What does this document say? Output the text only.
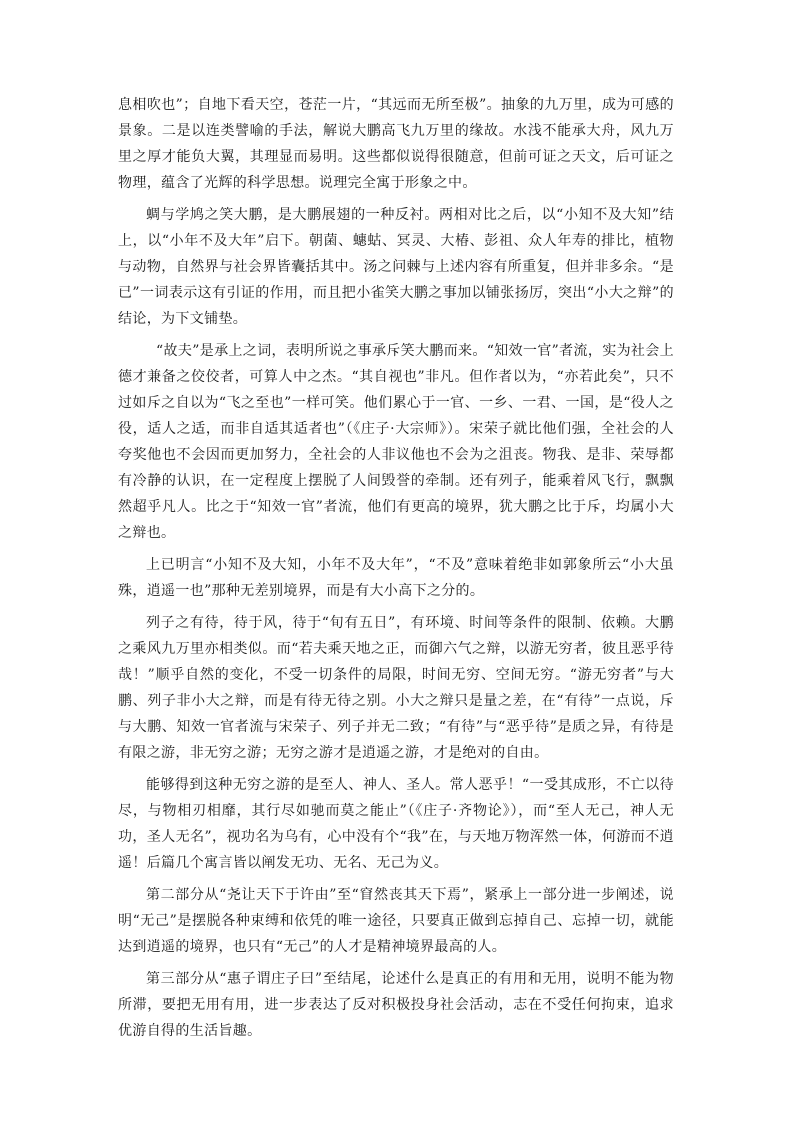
息相吹也”；自地下看天空，苍茫一片，“其远而无所至极”。抽象的九万里，成为可感的景象。二是以连类譬喻的手法，解说大鹏高飞九万里的缘故。水浅不能承大舟，风九万里之厚才能负大翼，其理显而易明。这些都似说得很随意，但前可证之天文，后可证之物理，蕴含了光辉的科学思想。说理完全寓于形象之中。

蜩与学鸠之笑大鹏，是大鹏展翅的一种反衬。两相对比之后，以“小知不及大知”结上，以“小年不及大年”启下。朝菌、蟪蛄、冥灵、大椿、彭祖、众人年寿的排比，植物与动物，自然界与社会界皆囊括其中。汤之问棘与上述内容有所重复，但并非多余。“是已”一词表示这有引证的作用，而且把小雀笑大鹏之事加以铺张扬厉，突出“小大之辩”的结论，为下文铺垫。

“故夫”是承上之词，表明所说之事承斥笑大鹏而来。“知效一官”者流，实为社会上德才兼备之佼佼者，可算人中之杰。“其自视也”非凡。但作者以为，“亦若此矣”，只不过如斥之自以为“飞之至也”一样可笑。他们累心于一官、一乡、一君、一国，是“役人之役，适人之适，而非自适其适者也”（《庄子·大宗师》）。宋荣子就比他们强，全社会的人夸奖他也不会因而更加努力，全社会的人非议他也不会为之沮丧。物我、是非、荣辱都有冷静的认识，在一定程度上摆脱了人间毁誉的牵制。还有列子，能乘着风飞行，飘飘然超乎凡人。比之于“知效一官”者流，他们有更高的境界，犹大鹏之比于斥，均属小大之辩也。

上已明言“小知不及大知，小年不及大年”，“不及”意味着绝非如郭象所云“小大虽殊，逍遥一也”那种无差别境界，而是有大小高下之分的。

列子之有待，待于风，待于“旬有五日”，有环境、时间等条件的限制、依赖。大鹏之乘风九万里亦相类似。而“若夫乘天地之正，而御六气之辩，以游无穷者，彼且恶乎待哉！”顺乎自然的变化，不受一切条件的局限，时间无穷、空间无穷。“游无穷者”与大鹏、列子非小大之辩，而是有待无待之别。小大之辩只是量之差，在“有待”一点说，斥与大鹏、知效一官者流与宋荣子、列子并无二致；“有待”与“恶乎待”是质之异，有待是有限之游，非无穷之游；无穷之游才是逍遥之游，才是绝对的自由。

能够得到这种无穷之游的是至人、神人、圣人。常人恶乎！“一受其成形，不亡以待尽，与物相刃相靡，其行尽如驰而莫之能止”（《庄子·齐物论》），而“至人无己，神人无功，圣人无名”，视功名为乌有，心中没有个“我”在，与天地万物浑然一体，何游而不逍遥！后篇几个寓言皆以阐发无功、无名、无己为义。

第二部分从“尧让天下于许由”至“窅然丧其天下焉”，紧承上一部分进一步阐述，说明“无己”是摆脱各种束缚和依凭的唯一途径，只要真正做到忘掉自己、忘掉一切，就能达到逍遥的境界，也只有“无己”的人才是精神境界最高的人。

第三部分从“惠子谓庄子曰”至结尾，论述什么是真正的有用和无用，说明不能为物所滞，要把无用有用，进一步表达了反对积极投身社会活动，志在不受任何拘束，追求优游自得的生活旨趣。
